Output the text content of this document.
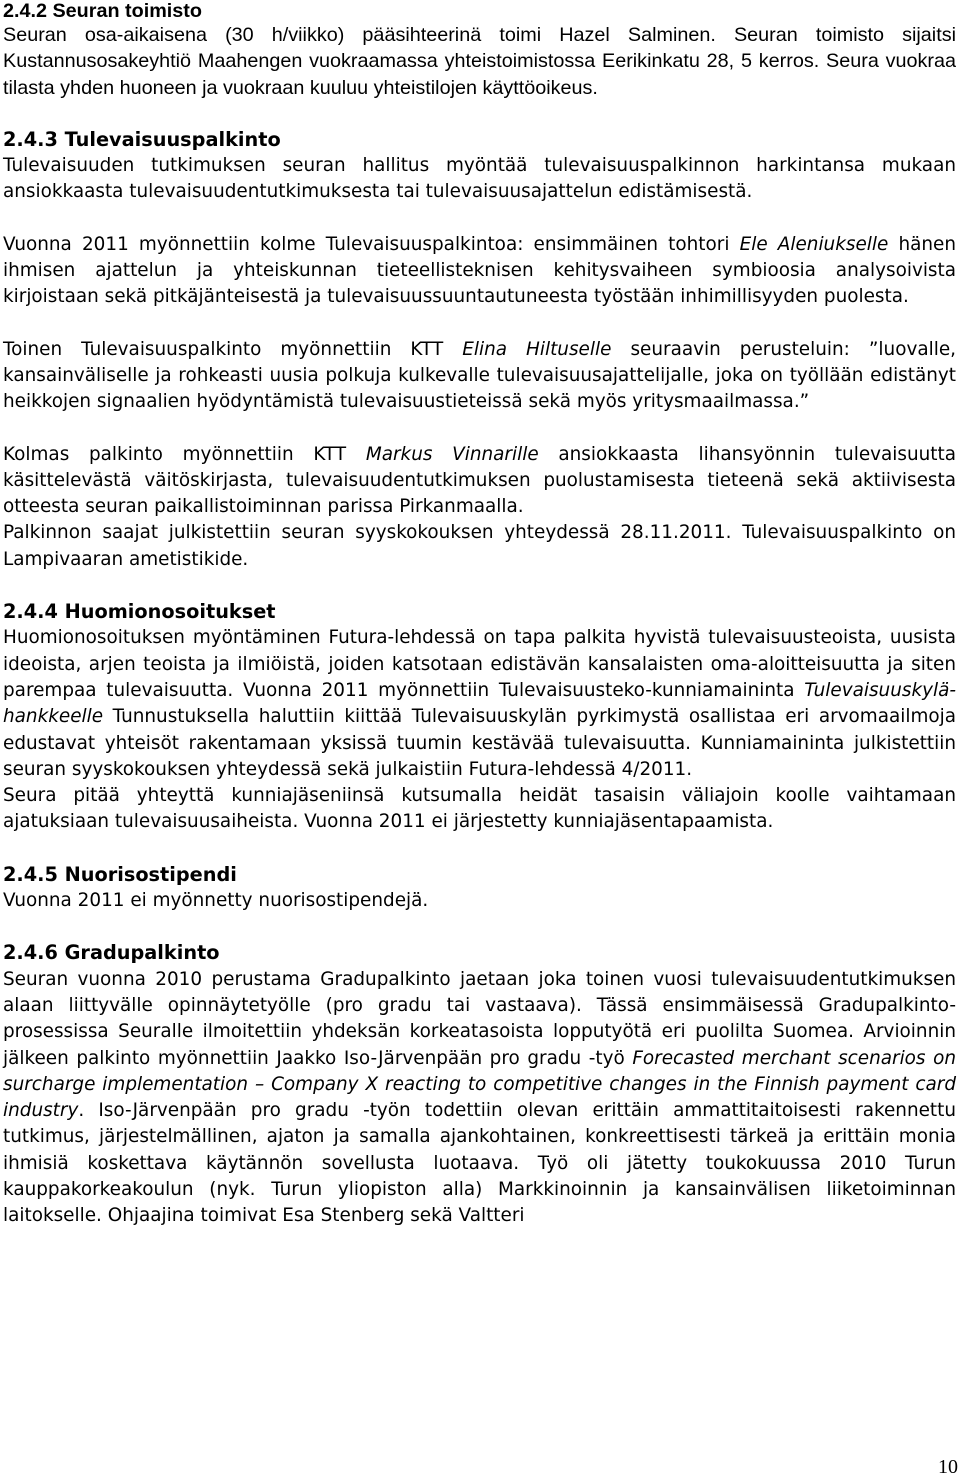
2.4.2 Seuran toimisto

Seuran osa-aikaisena (30 h/viikko) pääsihteerinä toimi Hazel Salminen. Seuran toimisto sijaitsi Kustannusosakeyhtiö Maahengen vuokraamassa yhteistoimistossa Eerikinkatu 28, 5 kerros. Seura vuokraa tilasta yhden huoneen ja vuokraan kuuluu yhteistilojen käyttöoikeus.

2.4.3 Tulevaisuuspalkinto

Tulevaisuuden tutkimuksen seuran hallitus myöntää tulevaisuuspalkinnon harkintansa mukaan ansiokkaasta tulevaisuudentutkimuksesta tai tulevaisuusajattelun edistämisestä.

Vuonna 2011 myönnettiin kolme Tulevaisuuspalkintoa: ensimmäinen tohtori Ele Aleniukselle hänen ihmisen ajattelun ja yhteiskunnan tieteellisteknisen kehitysvaiheen symbioosia analysoivista kirjoistaan sekä pitkäjänteisestä ja tulevaisuussuuntautuneesta työstään inhimillisyyden puolesta.

Toinen Tulevaisuuspalkinto myönnettiin KTT Elina Hiltuselle seuraavin perusteluin: ”luovalle, kansainväliselle ja rohkeasti uusia polkuja kulkevalle tulevaisuusajattelijalle, joka on työllään edistänyt heikkojen signaalien hyödyntämistä tulevaisuustieteissä sekä myös yritysmaailmassa.”

Kolmas palkinto myönnettiin KTT Markus Vinnarille ansiokkaasta lihansyönnin tulevaisuutta käsittelevästä väitöskirjasta, tulevaisuudentutkimuksen puolustamisesta tieteenä sekä aktiivisesta otteesta seuran paikallistoiminnan parissa Pirkanmaalla.

Palkinnon saajat julkistettiin seuran syyskokouksen yhteydessä 28.11.2011. Tulevaisuuspalkinto on Lampivaaran ametistikide.

2.4.4 Huomionosoitukset

Huomionosoituksen myöntäminen Futura-lehdessä on tapa palkita hyvistä tulevaisuusteoista, uusista ideoista, arjen teoista ja ilmiöistä, joiden katsotaan edistävän kansalaisten oma-aloitteisuutta ja siten parempaa tulevaisuutta. Vuonna 2011 myönnettiin Tulevaisuusteko-kunniamaininta Tulevaisuuskylä-hankkeelle Tunnustuksella haluttiin kiittää Tulevaisuuskylän pyrkimystä osallistaa eri arvomaailmoja edustavat yhteisöt rakentamaan yksissä tuumin kestävää tulevaisuutta. Kunniamaininta julkistettiin seuran syyskokouksen yhteydessä sekä julkaistiin Futura-lehdessä 4/2011.

Seura pitää yhteyttä kunniajäseniinsä kutsumalla heidät tasaisin väliajoin koolle vaihtamaan ajatuksiaan tulevaisuusaiheista. Vuonna 2011 ei järjestetty kunniajäsentapaamista.

2.4.5 Nuorisostipendi

Vuonna 2011 ei myönnetty nuorisostipendejä.

2.4.6 Gradupalkinto

Seuran vuonna 2010 perustama Gradupalkinto jaetaan joka toinen vuosi tulevaisuudentutkimuksen alaan liittyvälle opinnäytetyölle (pro gradu tai vastaava). Tässä ensimmäisessä Gradupalkinto-prosessissa Seuralle ilmoitettiin yhdeksän korkeatasoista lopputyötä eri puolilta Suomea. Arvioinnin jälkeen palkinto myönnettiin Jaakko Iso-Järvenpään pro gradu -työ Forecasted merchant scenarios on surcharge implementation – Company X reacting to competitive changes in the Finnish payment card industry. Iso-Järvenpään pro gradu -työn todettiin olevan erittäin ammattitaitoisesti rakennettu tutkimus, järjestelmällinen, ajaton ja samalla ajankohtainen, konkreettisesti tärkeä ja erittäin monia ihmisiä koskettava käytännön sovellusta luotaava. Työ oli jätetty toukokuussa 2010 Turun kauppakorkeakoulun (nyk. Turun yliopiston alla) Markkinoinnin ja kansainvälisen liiketoiminnan laitokselle. Ohjaajina toimivat Esa Stenberg sekä Valtteri

10
